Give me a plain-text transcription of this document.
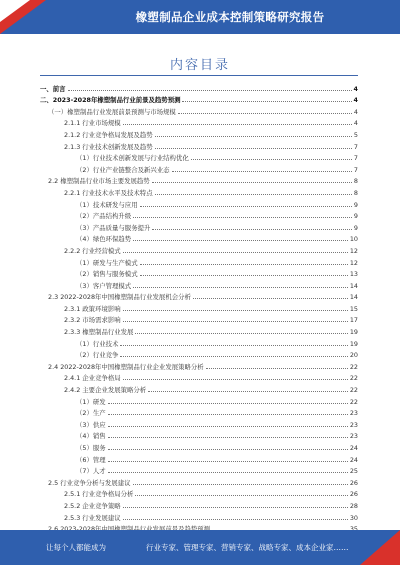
橡塑制品企业成本控制策略研究报告
内容目录
一、前言	4
二、2023-2028年橡塑制品行业前景及趋势预测	4
（一）橡塑制品行业发展前景预测与市场规模	4
2.1.1 行业市场规模	4
2.1.2 行业竞争格局发展及趋势	5
2.1.3 行业技术创新发展及趋势	7
（1）行业技术创新发展与行业结构优化	7
（2）行业产业链整合及新兴业态	7
2.2 橡塑制品行业市场主要发展趋势	8
2.2.1 行业技术水平及技术特点	8
（1）技术研发与应用	9
（2）产品结构升级	9
（3）产品质量与服务提升	9
（4）绿色环保趋势	10
2.2.2 行业经营模式	12
（1）研发与生产模式	12
（2）销售与服务模式	13
（3）客户管理模式	14
2.3 2022-2028年中国橡塑制品行业发展机会分析	14
2.3.1 政策环境影响	15
2.3.2 市场需求影响	17
2.3.3 橡塑制品行业发展	19
（1）行业技术	19
（2）行业竞争	20
2.4 2022-2028年中国橡塑制品行业企业发展策略分析	22
2.4.1 企业竞争格局	22
2.4.2 主要企业发展策略分析	22
（1）研发	22
（2）生产	23
（3）供应	23
（4）销售	23
（5）服务	24
（6）管理	24
（7）人才	25
2.5 行业竞争分析与发展建议	26
2.5.1 行业竞争格局分析	26
2.5.2 企业竞争策略	28
2.5.3 行业发展建议	30
让每个人都能成为	行业专家、管理专家、营销专家、战略专家、成本企业家……
